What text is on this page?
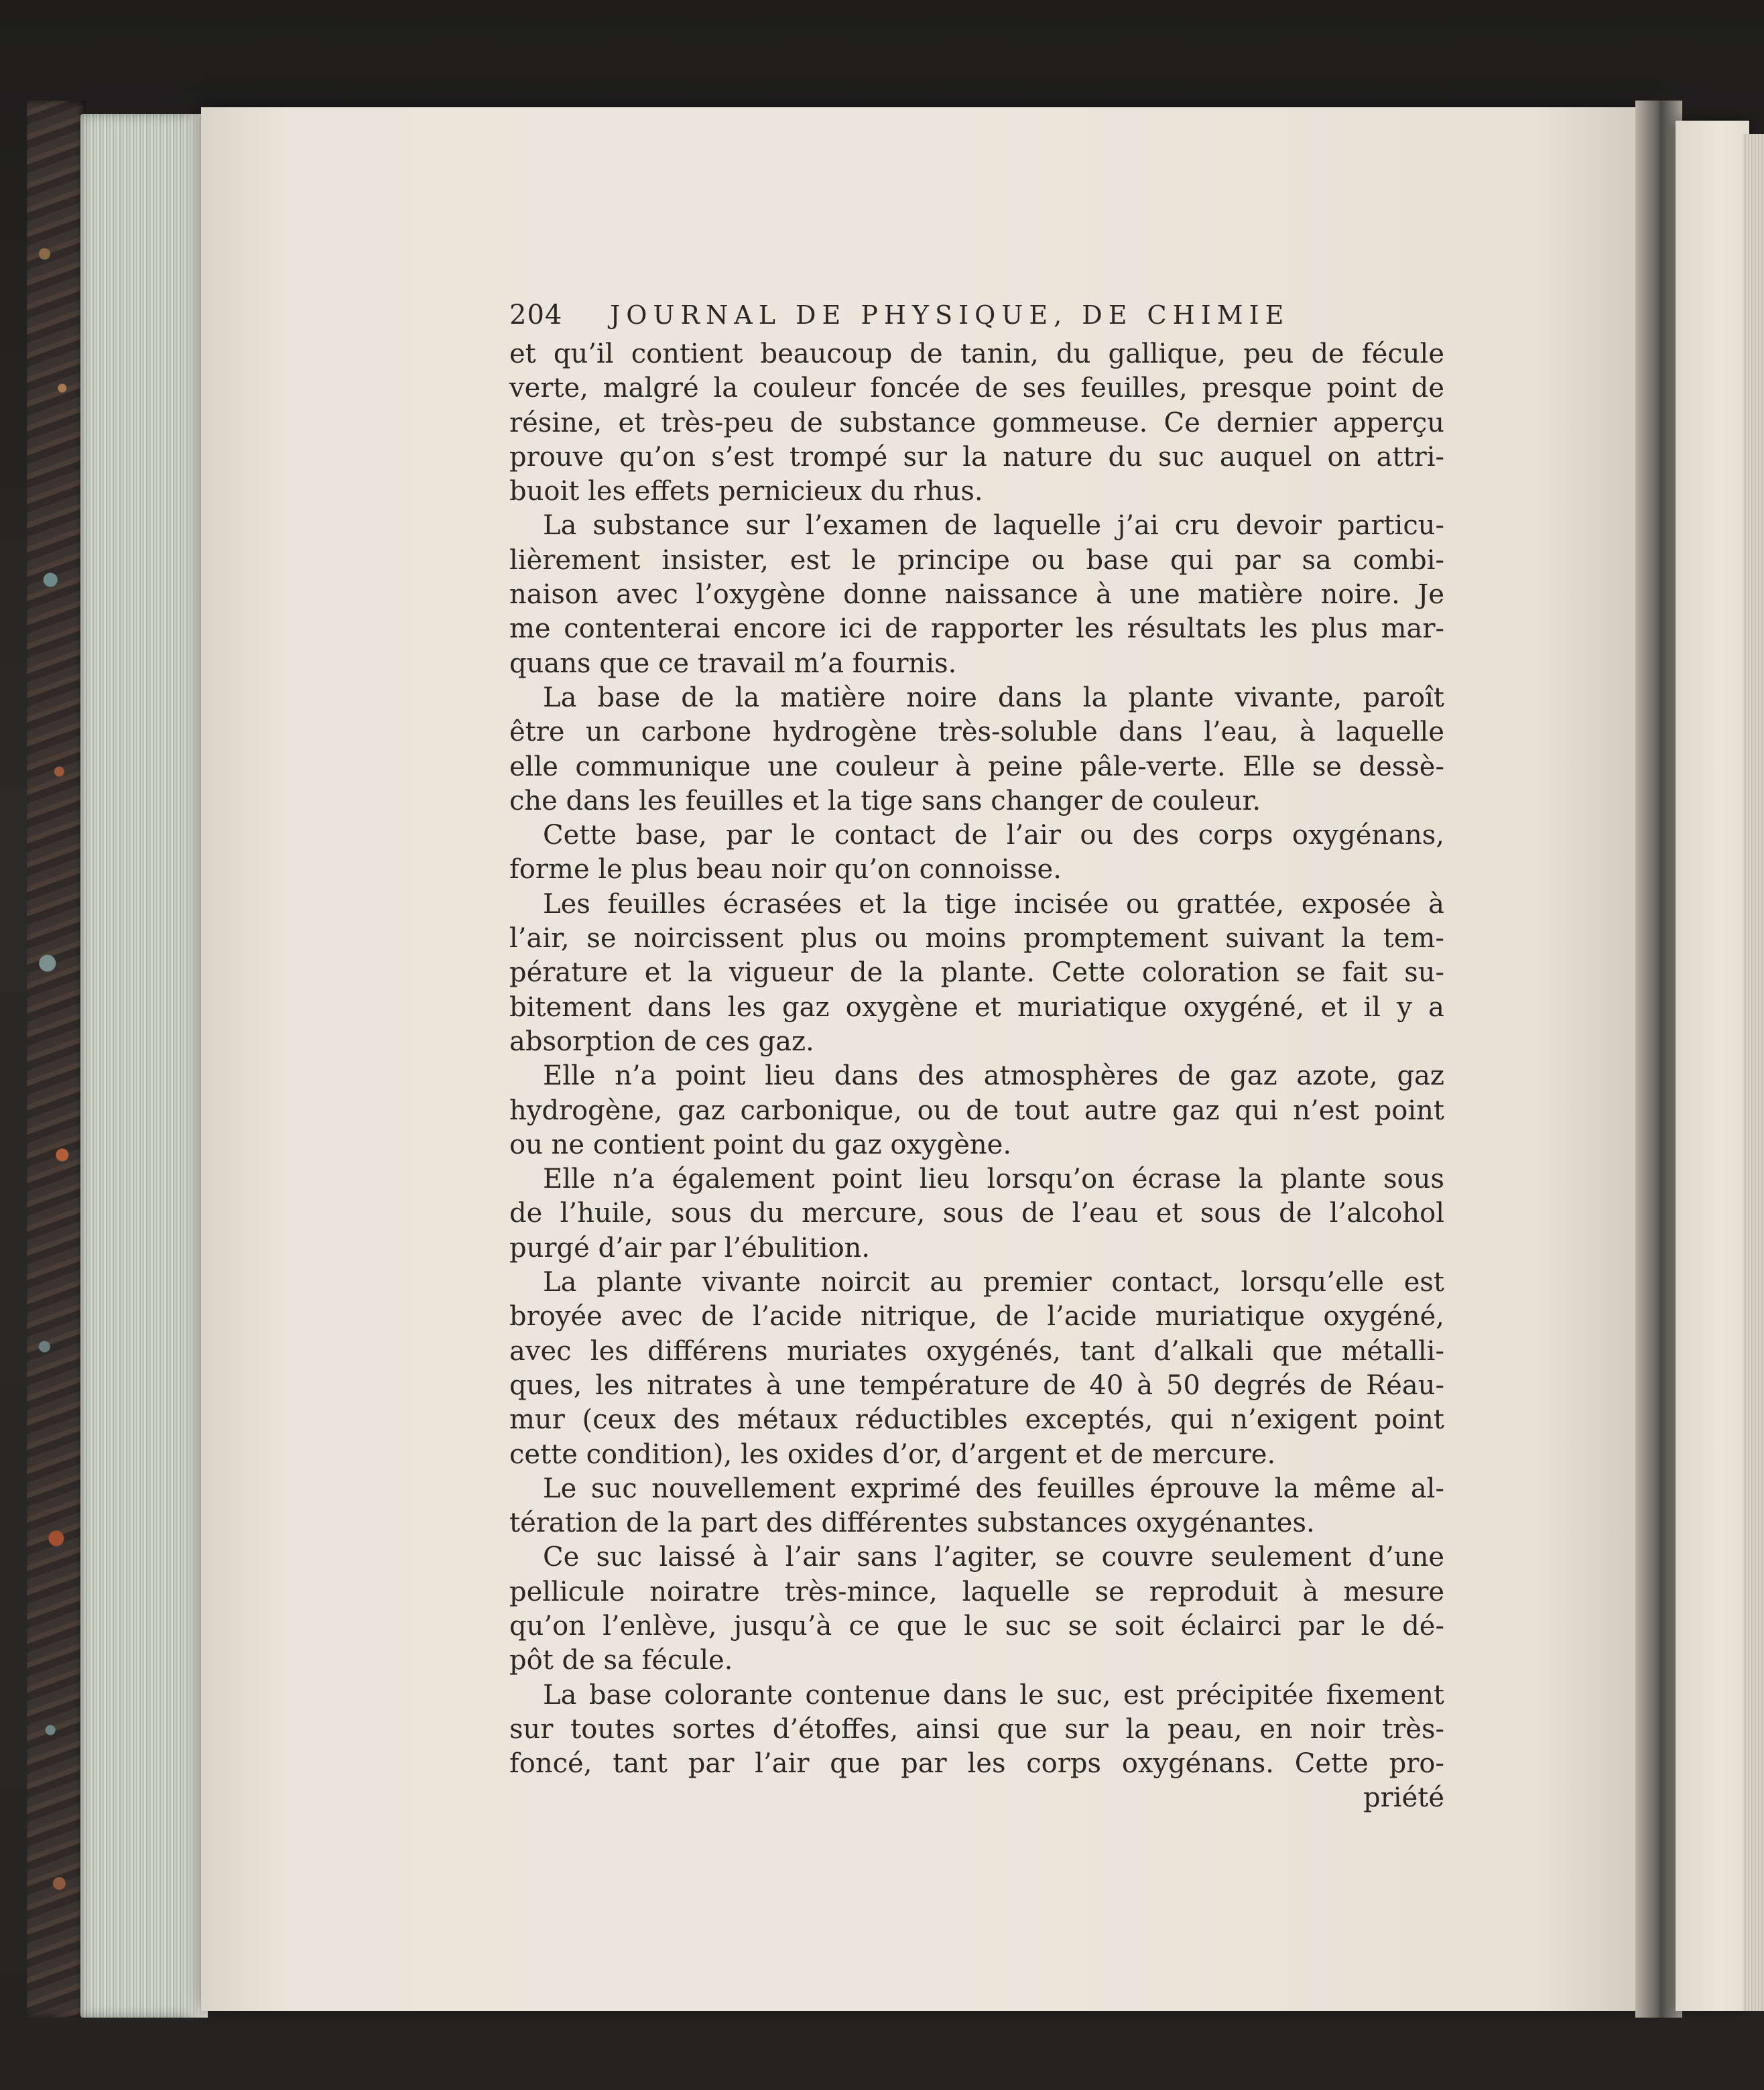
204	JOURNAL DE PHYSIQUE, DE CHIMIE
et qu’il contient beaucoup de tanin, du gallique, peu de fécule
verte, malgré la couleur foncée de ses feuilles, presque point de
résine, et très-peu de substance gommeuse. Ce dernier apperçu
prouve qu’on s’est trompé sur la nature du suc auquel on attri-
buoit les effets pernicieux du rhus.
La substance sur l’examen de laquelle j’ai cru devoir particu-
lièrement insister, est le principe ou base qui par sa combi-
naison avec l’oxygène donne naissance à une matière noire. Je
me contenterai encore ici de rapporter les résultats les plus mar-
quans que ce travail m’a fournis.
La base de la matière noire dans la plante vivante, paroît
être un carbone hydrogène très-soluble dans l’eau, à laquelle
elle communique une couleur à peine pâle-verte. Elle se dessè-
che dans les feuilles et la tige sans changer de couleur.
Cette base, par le contact de l’air ou des corps oxygénans,
forme le plus beau noir qu’on connoisse.
Les feuilles écrasées et la tige incisée ou grattée, exposée à
l’air, se noircissent plus ou moins promptement suivant la tem-
pérature et la vigueur de la plante. Cette coloration se fait su-
bitement dans les gaz oxygène et muriatique oxygéné, et il y a
absorption de ces gaz.
Elle n’a point lieu dans des atmosphères de gaz azote, gaz
hydrogène, gaz carbonique, ou de tout autre gaz qui n’est point
ou ne contient point du gaz oxygène.
Elle n’a également point lieu lorsqu’on écrase la plante sous
de l’huile, sous du mercure, sous de l’eau et sous de l’alcohol
purgé d’air par l’ébulition.
La plante vivante noircit au premier contact, lorsqu’elle est
broyée avec de l’acide nitrique, de l’acide muriatique oxygéné,
avec les différens muriates oxygénés, tant d’alkali que métalli-
ques, les nitrates à une température de 40 à 50 degrés de Réau-
mur (ceux des métaux réductibles exceptés, qui n’exigent point
cette condition), les oxides d’or, d’argent et de mercure.
Le suc nouvellement exprimé des feuilles éprouve la même al-
tération de la part des différentes substances oxygénantes.
Ce suc laissé à l’air sans l’agiter, se couvre seulement d’une
pellicule noiratre très-mince, laquelle se reproduit à mesure
qu’on l’enlève, jusqu’à ce que le suc se soit éclairci par le dé-
pôt de sa fécule.
La base colorante contenue dans le suc, est précipitée fixement
sur toutes sortes d’étoffes, ainsi que sur la peau, en noir très-
foncé, tant par l’air que par les corps oxygénans. Cette pro-
priété
